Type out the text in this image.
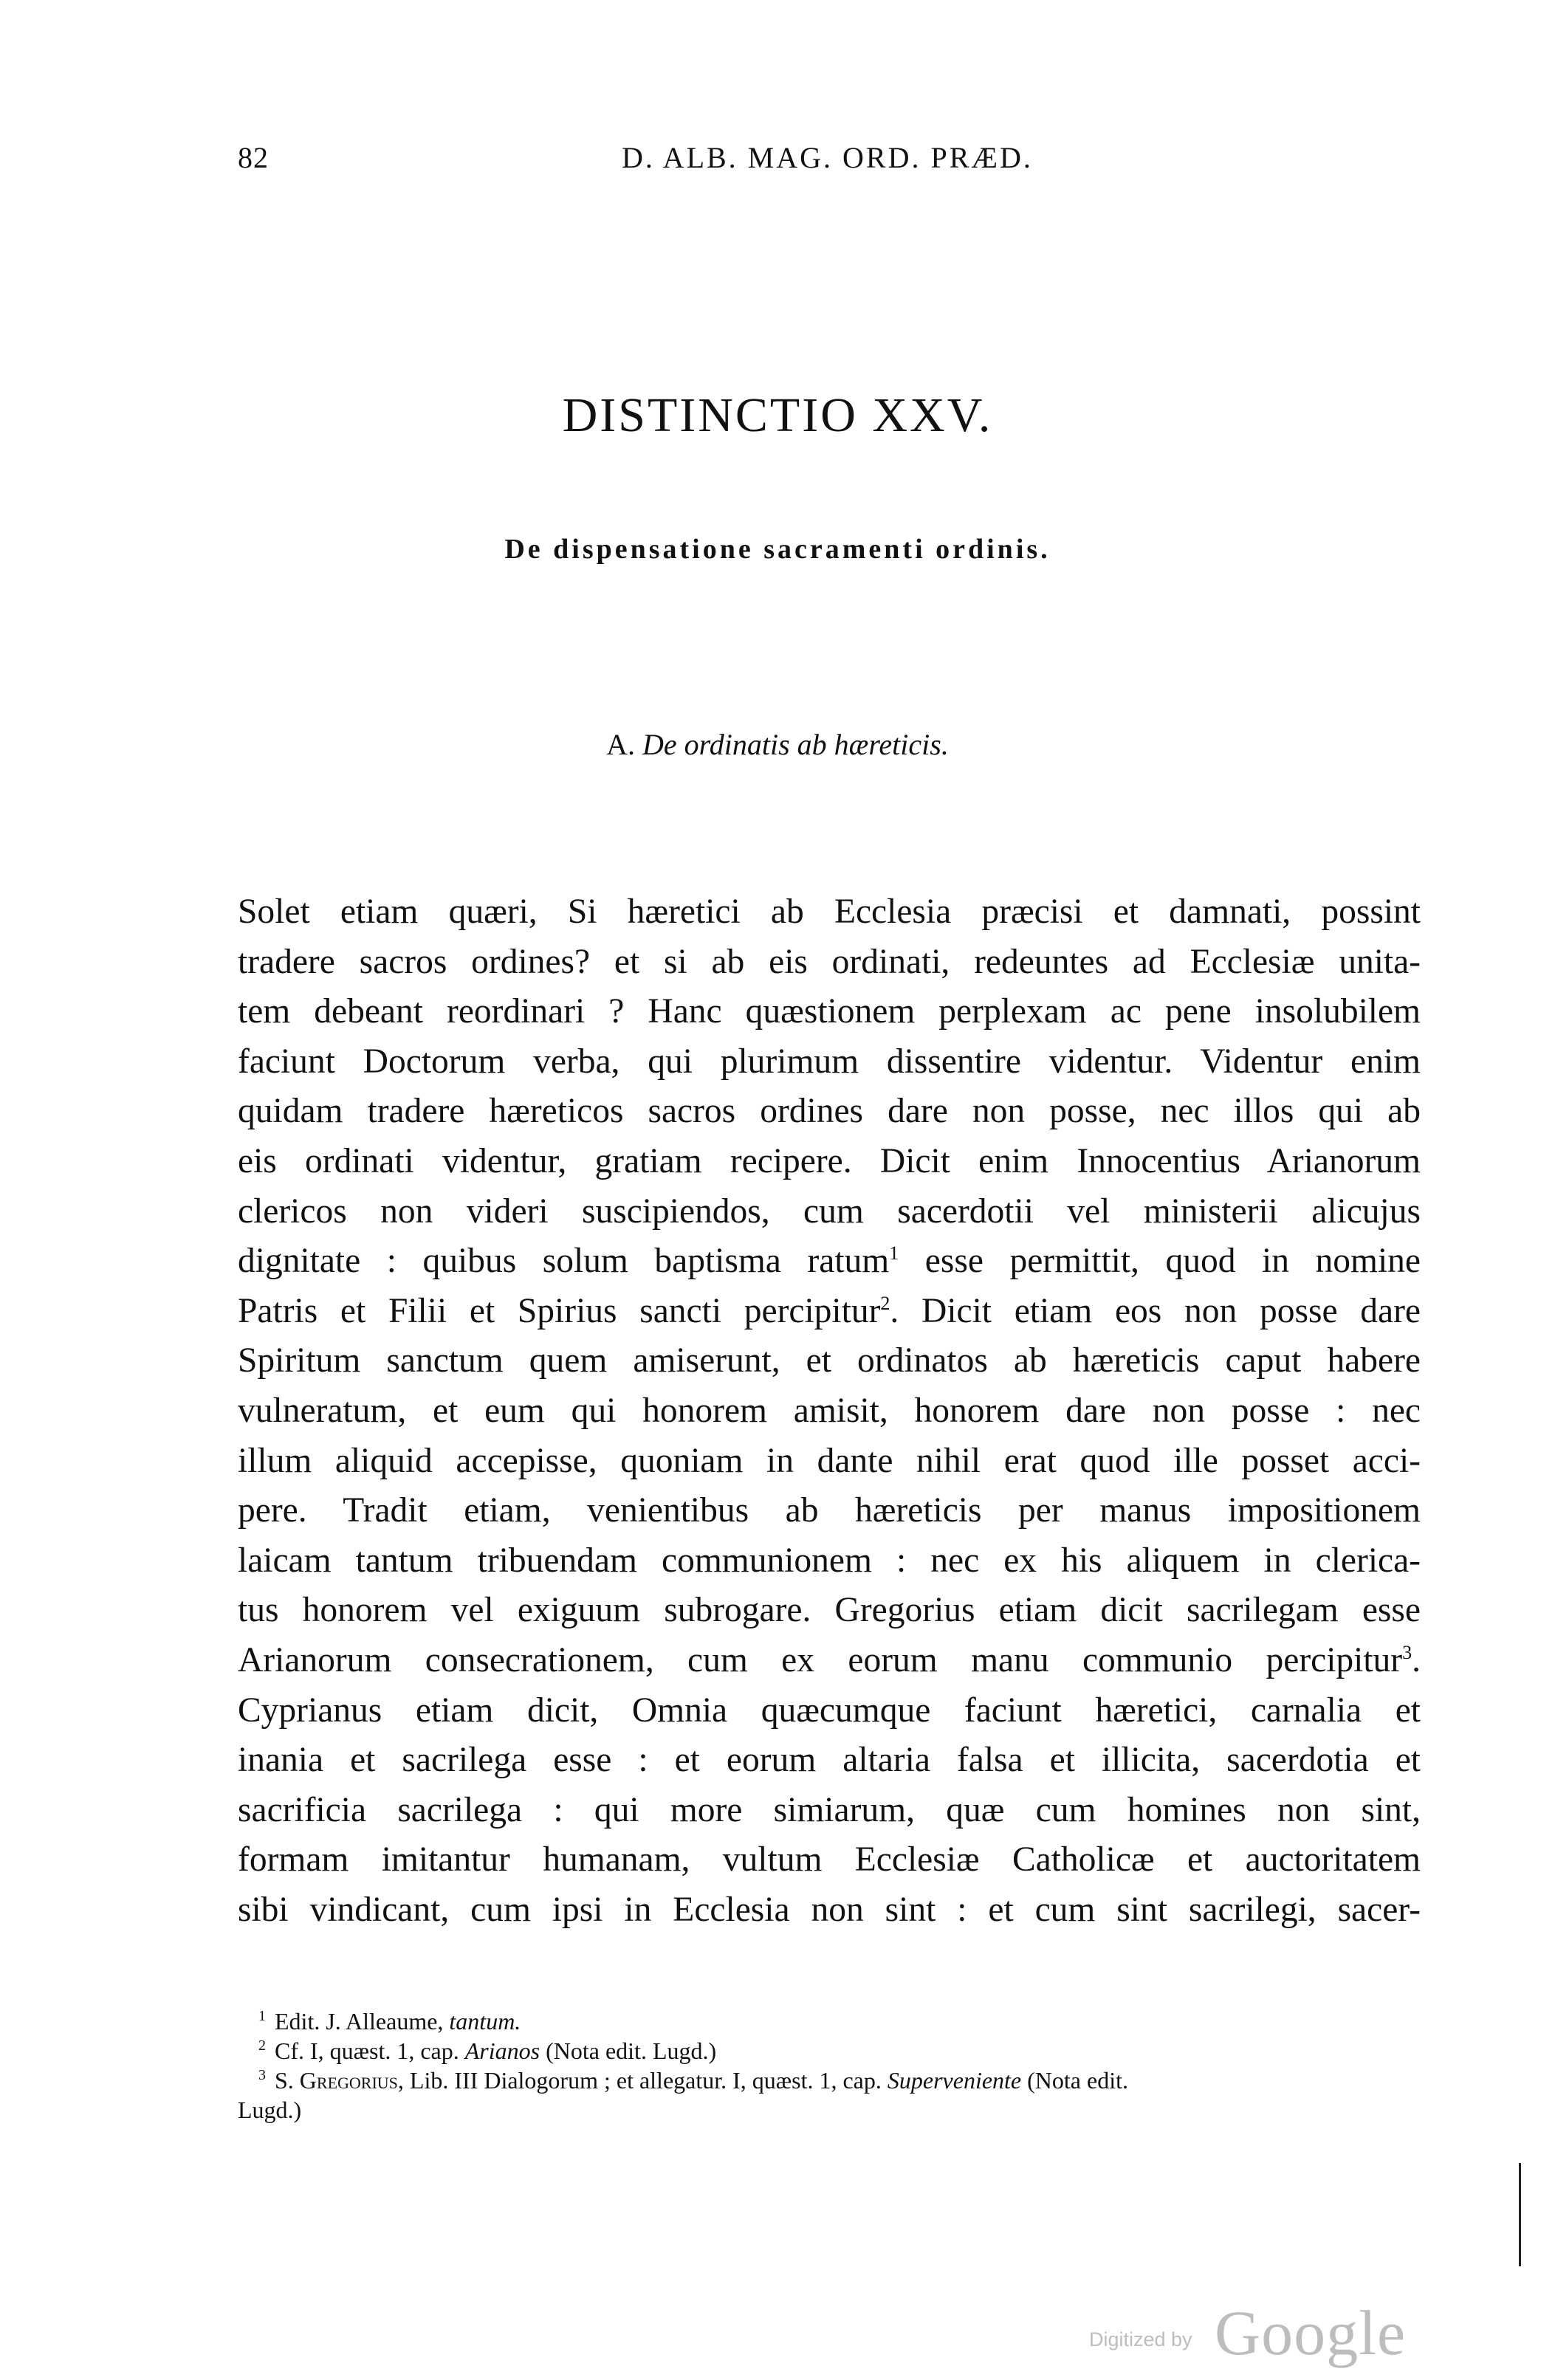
82	D. ALB. MAG. ORD. PRÆD.
DISTINCTIO XXV.
De dispensatione sacramenti ordinis.
A. De ordinatis ab hæreticis.
Solet etiam quæri, Si hæretici ab Ecclesia præcisi et damnati, possint
tradere sacros ordines? et si ab eis ordinati, redeuntes ad Ecclesiæ unita-
tem debeant reordinari ? Hanc quæstionem perplexam ac pene insolubilem
faciunt Doctorum verba, qui plurimum dissentire videntur. Videntur enim
quidam tradere hæreticos sacros ordines dare non posse, nec illos qui ab
eis ordinati videntur, gratiam recipere. Dicit enim Innocentius Arianorum
clericos non videri suscipiendos, cum sacerdotii vel ministerii alicujus
dignitate : quibus solum baptisma ratum$^1$ esse permittit, quod in nomine
Patris et Filii et Spirius sancti percipitur$^2$. Dicit etiam eos non posse dare
Spiritum sanctum quem amiserunt, et ordinatos ab hæreticis caput habere
vulneratum, et eum qui honorem amisit, honorem dare non posse : nec
illum aliquid accepisse, quoniam in dante nihil erat quod ille posset acci-
pere. Tradit etiam, venientibus ab hæreticis per manus impositionem
laicam tantum tribuendam communionem : nec ex his aliquem in clerica-
tus honorem vel exiguum subrogare. Gregorius etiam dicit sacrilegam esse
Arianorum consecrationem, cum ex eorum manu communio percipitur$^3$.
Cyprianus etiam dicit, Omnia quæcumque faciunt hæretici, carnalia et
inania et sacrilega esse : et eorum altaria falsa et illicita, sacerdotia et
sacrificia sacrilega : qui more simiarum, quæ cum homines non sint,
formam imitantur humanam, vultum Ecclesiæ Catholicæ et auctoritatem
sibi vindicant, cum ipsi in Ecclesia non sint : et cum sint sacrilegi, sacer-
$^1$ Edit. J. Alleaume, tantum.
$^2$ Cf. I, quæst. 1, cap. Arianos (Nota edit. Lugd.)
$^3$ S. Gregorius, Lib. III Dialogorum ; et allegatur. I, quæst. 1, cap. Superveniente (Nota edit.
Lugd.)
Digitized by Google
